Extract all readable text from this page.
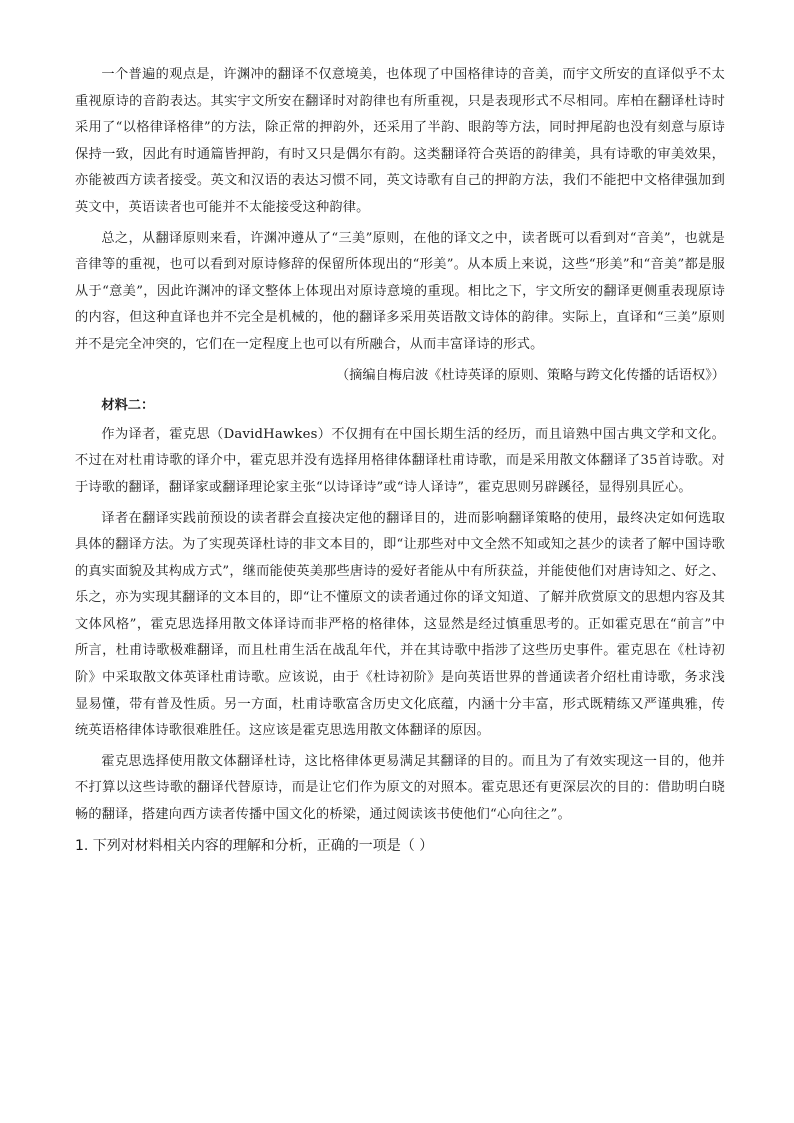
一个普遍的观点是，许渊冲的翻译不仅意境美，也体现了中国格律诗的音美，而宇文所安的直译似乎不太重视原诗的音韵表达。其实宇文所安在翻译时对韵律也有所重视，只是表现形式不尽相同。库柏在翻译杜诗时采用了“以格律译格律”的方法，除正常的押韵外，还采用了半韵、眼韵等方法，同时押尾韵也没有刻意与原诗保持一致，因此有时通篇皆押韵，有时又只是偶尔有韵。这类翻译符合英语的韵律美，具有诗歌的审美效果，亦能被西方读者接受。英文和汉语的表达习惯不同，英文诗歌有自己的押韵方法，我们不能把中文格律强加到英文中，英语读者也可能并不太能接受这种韵律。

总之，从翻译原则来看，许渊冲遵从了“三美”原则，在他的译文之中，读者既可以看到对“音美”，也就是音律等的重视，也可以看到对原诗修辞的保留所体现出的“形美”。从本质上来说，这些“形美”和“音美”都是服从于“意美”，因此许渊冲的译文整体上体现出对原诗意境的重现。相比之下，宇文所安的翻译更侧重表现原诗的内容，但这种直译也并不完全是机械的，他的翻译多采用英语散文诗体的韵律。实际上，直译和“三美”原则并不是完全冲突的，它们在一定程度上也可以有所融合，从而丰富译诗的形式。

（摘编自梅启波《杜诗英译的原则、策略与跨文化传播的话语权》）

材料二：

作为译者，霍克思（DavidHawkes）不仅拥有在中国长期生活的经历，而且谙熟中国古典文学和文化。不过在对杜甫诗歌的译介中，霍克思并没有选择用格律体翻译杜甫诗歌，而是采用散文体翻译了35首诗歌。对于诗歌的翻译，翻译家或翻译理论家主张“以诗译诗”或“诗人译诗”，霍克思则另辟蹊径，显得别具匠心。

译者在翻译实践前预设的读者群会直接决定他的翻译目的，进而影响翻译策略的使用，最终决定如何选取具体的翻译方法。为了实现英译杜诗的非文本目的，即“让那些对中文全然不知或知之甚少的读者了解中国诗歌的真实面貌及其构成方式”，继而能使英美那些唐诗的爱好者能从中有所获益，并能使他们对唐诗知之、好之、乐之，亦为实现其翻译的文本目的，即“让不懂原文的读者通过你的译文知道、了解并欣赏原文的思想内容及其文体风格”，霍克思选择用散文体译诗而非严格的格律体，这显然是经过慎重思考的。正如霍克思在“前言”中所言，杜甫诗歌极难翻译，而且杜甫生活在战乱年代，并在其诗歌中指涉了这些历史事件。霍克思在《杜诗初阶》中采取散文体英译杜甫诗歌。应该说，由于《杜诗初阶》是向英语世界的普通读者介绍杜甫诗歌，务求浅显易懂，带有普及性质。另一方面，杜甫诗歌富含历史文化底蕴，内涵十分丰富，形式既精练又严谨典雅，传统英语格律体诗歌很难胜任。这应该是霍克思选用散文体翻译的原因。

霍克思选择使用散文体翻译杜诗，这比格律体更易满足其翻译的目的。而且为了有效实现这一目的，他并不打算以这些诗歌的翻译代替原诗，而是让它们作为原文的对照本。霍克思还有更深层次的目的：借助明白晓畅的翻译，搭建向西方读者传播中国文化的桥梁，通过阅读该书使他们“心向往之”。

1. 下列对材料相关内容的理解和分析，正确的一项是（ ）
